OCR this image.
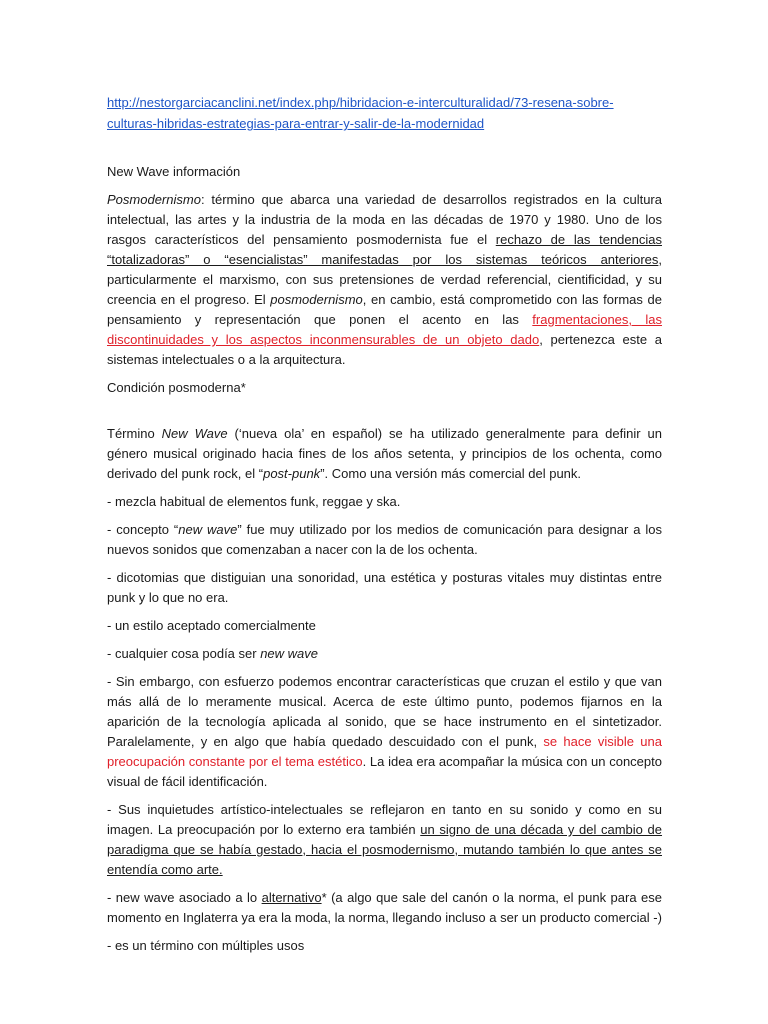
http://nestorgarciacanclini.net/index.php/hibridacion-e-interculturalidad/73-resena-sobre-
culturas-hibridas-estrategias-para-entrar-y-salir-de-la-modernidad

New Wave información

Posmodernismo: término que abarca una variedad de desarrollos registrados en la cultura intelectual, las artes y la industria de la moda en las décadas de 1970 y 1980. Uno de los rasgos característicos del pensamiento posmodernista fue el rechazo de las tendencias “totalizadoras” o “esencialistas” manifestadas por los sistemas teóricos anteriores, particularmente el marxismo, con sus pretensiones de verdad referencial, cientificidad, y su creencia en el progreso. El posmodernismo, en cambio, está comprometido con las formas de pensamiento y representación que ponen el acento en las fragmentaciones, las discontinuidades y los aspectos inconmensurables de un objeto dado, pertenezca este a sistemas intelectuales o a la arquitectura.

Condición posmoderna*

Término New Wave (‘nueva ola’ en español) se ha utilizado generalmente para definir un género musical originado hacia fines de los años setenta, y principios de los ochenta, como derivado del punk rock, el “post-punk”. Como una versión más comercial del punk.

- mezcla habitual de elementos funk, reggae y ska.

- concepto “new wave” fue muy utilizado por los medios de comunicación para designar a los nuevos sonidos que comenzaban a nacer con la de los ochenta.

- dicotomias que distiguian una sonoridad, una estética y posturas vitales muy distintas entre punk y lo que no era.

- un estilo aceptado comercialmente

- cualquier cosa podía ser new wave

- Sin embargo, con esfuerzo podemos encontrar características que cruzan el estilo y que van más allá de lo meramente musical. Acerca de este último punto, podemos fijarnos en la aparición de la tecnología aplicada al sonido, que se hace instrumento en el sintetizador. Paralelamente, y en algo que había quedado descuidado con el punk, se hace visible una preocupación constante por el tema estético. La idea era acompañar la música con un concepto visual de fácil identificación.

- Sus inquietudes artístico-intelectuales se reflejaron en tanto en su sonido y como en su imagen. La preocupación por lo externo era también un signo de una década y del cambio de paradigma que se había gestado, hacia el posmodernismo, mutando también lo que antes se entendía como arte.

- new wave asociado a lo alternativo* (a algo que sale del canón o la norma, el punk para ese momento en Inglaterra ya era la moda, la norma, llegando incluso a ser un producto comercial -)

- es un término con múltiples usos
